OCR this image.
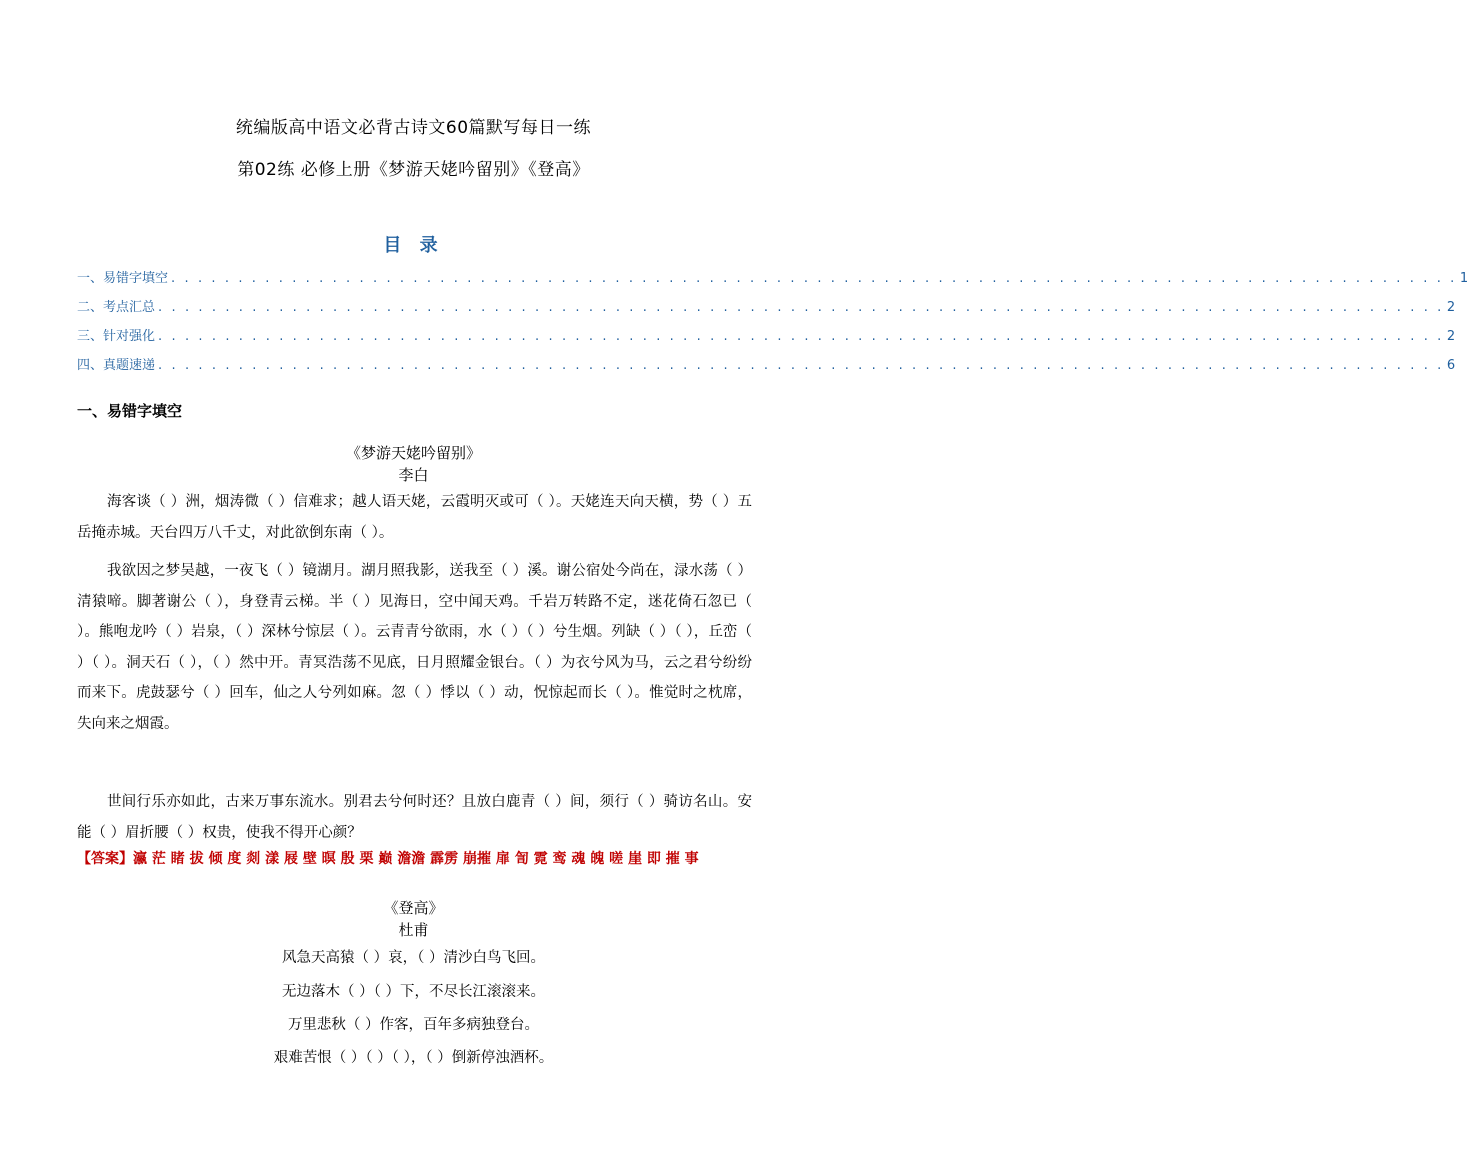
统编版高中语文必背古诗文60篇默写每日一练
第02练 必修上册《梦游天姥吟留别》《登高》
目 录
一、易错字填空 . . . . . . . . . . . . . . . . . . . . . . . . . . . . . . . . . . . . . . . . . . . . . . . . . . . . . . . . . . . . . . . . . . . . . . . . . . . . . . . . . . . . . . . . . . . . . . . . 1
二、考点汇总 . . . . . . . . . . . . . . . . . . . . . . . . . . . . . . . . . . . . . . . . . . . . . . . . . . . . . . . . . . . . . . . . . . . . . . . . . . . . . . . . . . . . . . . . . . . . . . . . 2
三、针对强化 . . . . . . . . . . . . . . . . . . . . . . . . . . . . . . . . . . . . . . . . . . . . . . . . . . . . . . . . . . . . . . . . . . . . . . . . . . . . . . . . . . . . . . . . . . . . . . . . 2
四、真题速递 . . . . . . . . . . . . . . . . . . . . . . . . . . . . . . . . . . . . . . . . . . . . . . . . . . . . . . . . . . . . . . . . . . . . . . . . . . . . . . . . . . . . . . . . . . . . . . . . 6
一、易错字填空
《梦游天姥吟留别》
李白
海客谈（ ）洲，烟涛微（ ）信难求；越人语天姥，云霞明灭或可（ ）。天姥连天向天横，势（ ）五岳掩赤城。天台四万八千丈，对此欲倒东南（ ）。
我欲因之梦吴越，一夜飞（ ）镜湖月。湖月照我影，送我至（ ）溪。谢公宿处今尚在，渌水荡（ ）清猿啼。脚著谢公（ ），身登青云梯。半（ ）见海日，空中闻天鸡。千岩万转路不定，迷花倚石忽已（ ）。熊咆龙吟（ ）岩泉，（ ）深林兮惊层（ ）。云青青兮欲雨，水（ ）（ ）兮生烟。列缺（ ）（ ），丘峦（ ）（ ）。洞天石（ ），（ ）然中开。青冥浩荡不见底，日月照耀金银台。（ ）为衣兮风为马，云之君兮纷纷而来下。虎鼓瑟兮（ ）回车，仙之人兮列如麻。忽（ ）悸以（ ）动，怳惊起而长（ ）。惟觉时之枕席，失向来之烟霞。
世间行乐亦如此，古来万事东流水。别君去兮何时还？且放白鹿青（ ）间，须行（ ）骑访名山。安能（ ）眉折腰（ ）权贵，使我不得开心颜？
【答案】瀛 茫 睹 拔 倾 度 剡 漾 屐 壁 暝 殷 栗 巅 澹澹 霹雳 崩摧 扉 訇 霓 鸾 魂 魄 嗟 崖 即 摧 事
《登高》
杜甫
风急天高猿（ ）哀，（ ）清沙白鸟飞回。
无边落木（ ）（ ）下，不尽长江滚滚来。
万里悲秋（ ）作客，百年多病独登台。
艰难苦恨（ ）（ ）（ ），（ ）倒新停浊酒杯。
